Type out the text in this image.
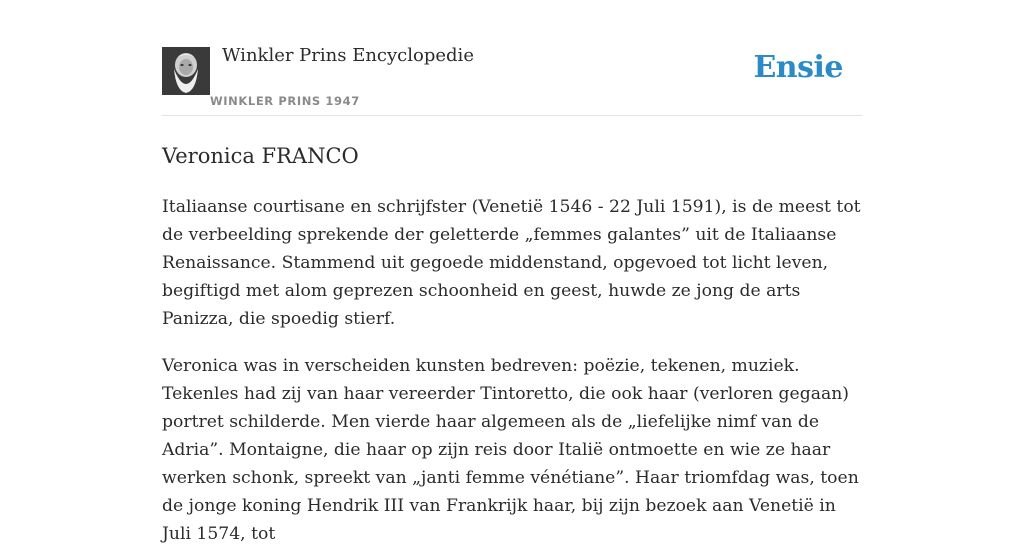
Winkler Prins Encyclopedie
WINKLER PRINS 1947
Ensie
Veronica FRANCO

Italiaanse courtisane en schrijfster (Venetië 1546 - 22 Juli 1591), is de meest tot de verbeelding sprekende der geletterde „femmes galantes” uit de Italiaanse Renaissance. Stammend uit gegoede middenstand, opgevoed tot licht leven, begiftigd met alom geprezen schoonheid en geest, huwde ze jong de arts Panizza, die spoedig stierf.

Veronica was in verscheiden kunsten bedreven: poëzie, tekenen, muziek. Tekenles had zij van haar vereerder Tintoretto, die ook haar (verloren gegaan) portret schilderde. Men vierde haar algemeen als de „liefelijke nimf van de Adria”. Montaigne, die haar op zijn reis door Italië ontmoette en wie ze haar werken schonk, spreekt van „janti femme vénétiane”. Haar triomfdag was, toen de jonge koning Hendrik III van Frankrijk haar, bij zijn bezoek aan Venetië in Juli 1574, tot
